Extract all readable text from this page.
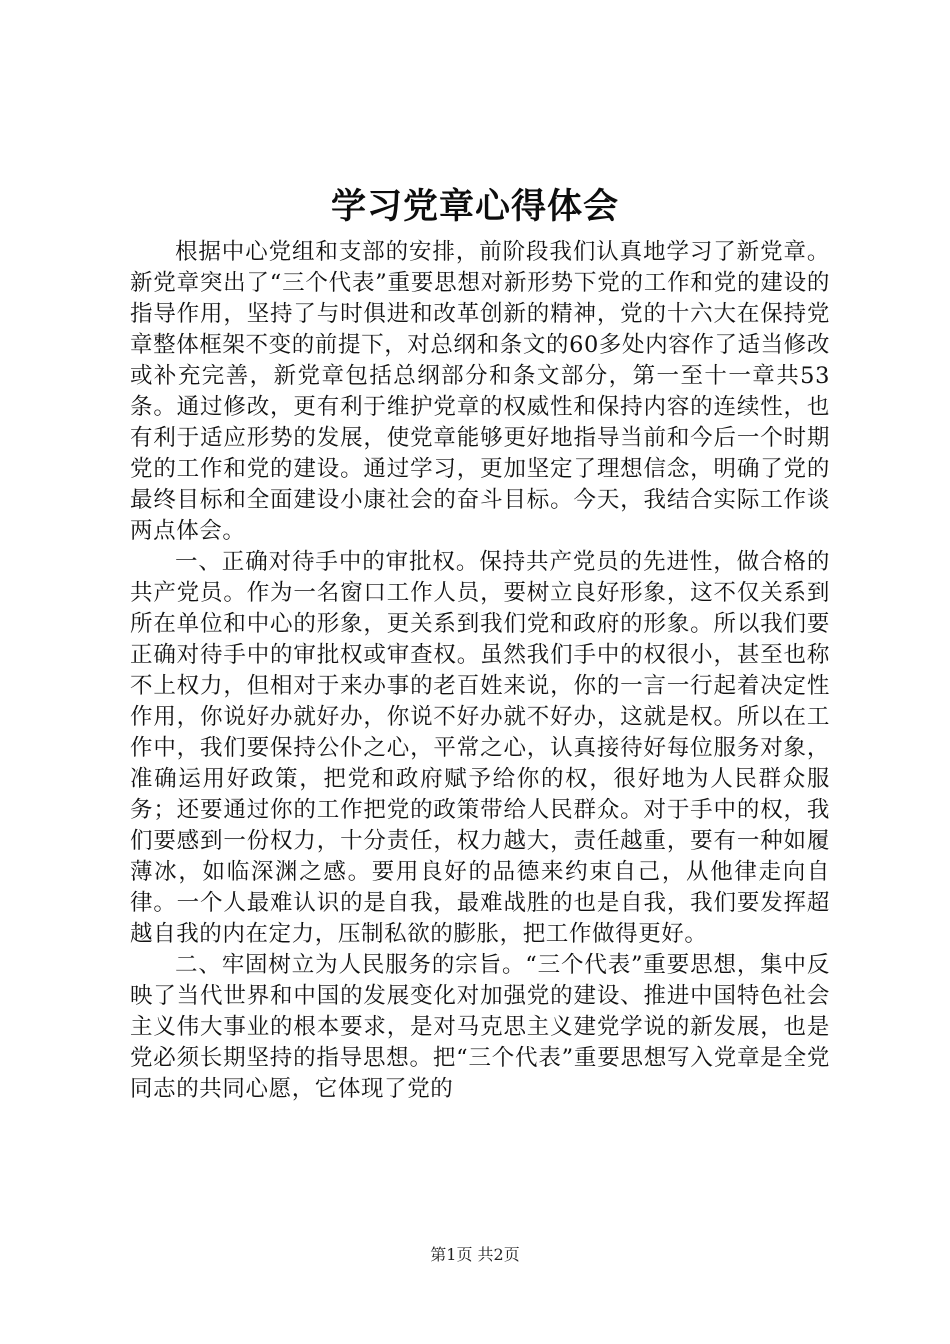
学习党章心得体会

根据中心党组和支部的安排，前阶段我们认真地学习了新党章。新党章突出了“三个代表”重要思想对新形势下党的工作和党的建设的指导作用，坚持了与时俱进和改革创新的精神，党的十六大在保持党章整体框架不变的前提下，对总纲和条文的60多处内容作了适当修改或补充完善，新党章包括总纲部分和条文部分，第一至十一章共53条。通过修改，更有利于维护党章的权威性和保持内容的连续性，也有利于适应形势的发展，使党章能够更好地指导当前和今后一个时期党的工作和党的建设。通过学习，更加坚定了理想信念，明确了党的最终目标和全面建设小康社会的奋斗目标。今天，我结合实际工作谈两点体会。

一、正确对待手中的审批权。保持共产党员的先进性，做合格的共产党员。作为一名窗口工作人员，要树立良好形象，这不仅关系到所在单位和中心的形象，更关系到我们党和政府的形象。所以我们要正确对待手中的审批权或审查权。虽然我们手中的权很小，甚至也称不上权力，但相对于来办事的老百姓来说，你的一言一行起着决定性作用，你说好办就好办，你说不好办就不好办，这就是权。所以在工作中，我们要保持公仆之心，平常之心，认真接待好每位服务对象，准确运用好政策，把党和政府赋予给你的权，很好地为人民群众服务；还要通过你的工作把党的政策带给人民群众。对于手中的权，我们要感到一份权力，十分责任，权力越大，责任越重，要有一种如履薄冰，如临深渊之感。要用良好的品德来约束自己，从他律走向自律。一个人最难认识的是自我，最难战胜的也是自我，我们要发挥超越自我的内在定力，压制私欲的膨胀，把工作做得更好。

二、牢固树立为人民服务的宗旨。“三个代表”重要思想，集中反映了当代世界和中国的发展变化对加强党的建设、推进中国特色社会主义伟大事业的根本要求，是对马克思主义建党学说的新发展，也是党必须长期坚持的指导思想。把“三个代表”重要思想写入党章是全党同志的共同心愿，它体现了党的

第1页 共2页
